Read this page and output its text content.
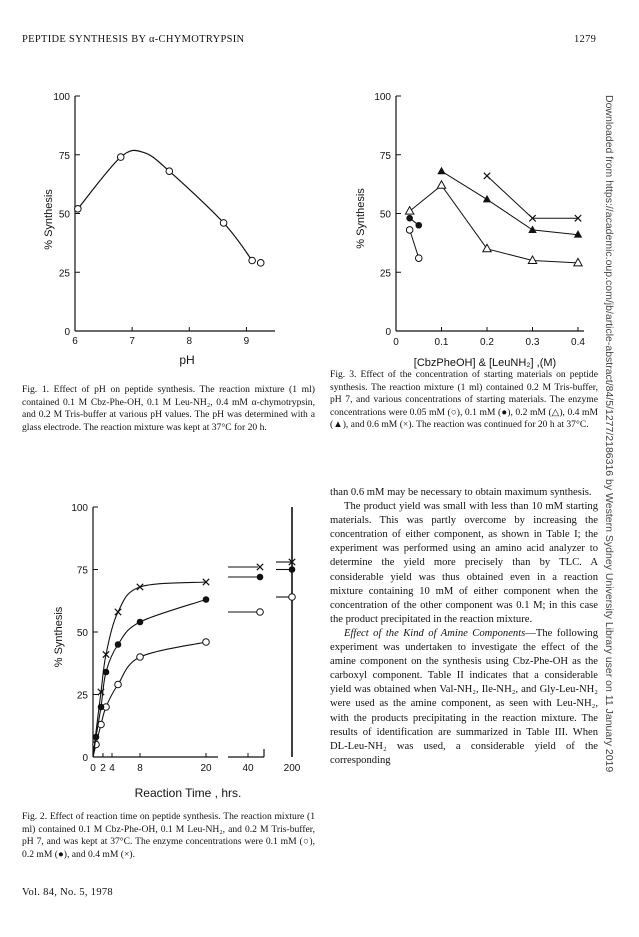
PEPTIDE SYNTHESIS BY α-CHYMOTRYPSIN	1279
0
25
50
75
100
6	7	8	9
pH
% Synthesis
Fig. 1. Effect of pH on peptide synthesis. The reaction mixture (1 ml) contained 0.1 M Cbz-Phe-OH, 0.1 M Leu-NH₂, 0.4 mM α-chymotrypsin, and 0.2 M Tris-buffer at various pH values. The pH was determined with a glass electrode. The reaction mixture was kept at 37°C for 20 h.
0
25
50
75
100
0	0.1	0.2	0.3	0.4
[CbzPheOH] & [LeuNH₂] ,(M)
% Synthesis
Fig. 3. Effect of the concentration of starting materials on peptide synthesis. The reaction mixture (1 ml) contained 0.2 M Tris-buffer, pH 7, and various concentrations of starting materials. The enzyme concentrations were 0.05 mM (○), 0.1 mM (●), 0.2 mM (△), 0.4 mM (▲), and 0.6 mM (×). The reaction was continued for 20 h at 37°C.
0
25
50
75
100
0 2 4 8	20	40	200
Reaction Time , hrs.
% Synthesis
Fig. 2. Effect of reaction time on peptide synthesis. The reaction mixture (1 ml) contained 0.1 M Cbz-Phe-OH, 0.1 M Leu-NH₂, and 0.2 M Tris-buffer, pH 7, and was kept at 37°C. The enzyme concentrations were 0.1 mM (○), 0.2 mM (●), and 0.4 mM (×).

than 0.6 mM may be necessary to obtain maximum synthesis.

The product yield was small with less than 10 mM starting materials. This was partly overcome by increasing the concentration of either component, as shown in Table I; the experiment was performed using an amino acid analyzer to determine the yield more precisely than by TLC. A considerable yield was thus obtained even in a reaction mixture containing 10 mM of either component when the concentration of the other component was 0.1 M; in this case the product precipitated in the reaction mixture.

Effect of the Kind of Amine Components—The following experiment was undertaken to investigate the effect of the amine component on the synthesis using Cbz-Phe-OH as the carboxyl component. Table II indicates that a considerable yield was obtained when Val-NH₂, Ile-NH₂, and Gly-Leu-NH₂ were used as the amine component, as seen with Leu-NH₂, with the products precipitating in the reaction mixture. The results of identification are summarized in Table III. When DL-Leu-NH₂ was used, a considerable yield of the corresponding

Vol. 84, No. 5, 1978
Downloaded from https://academic.oup.com/jb/article-abstract/84/5/1277/2186316 by Western Sydney University Library user on 11 January 2019
